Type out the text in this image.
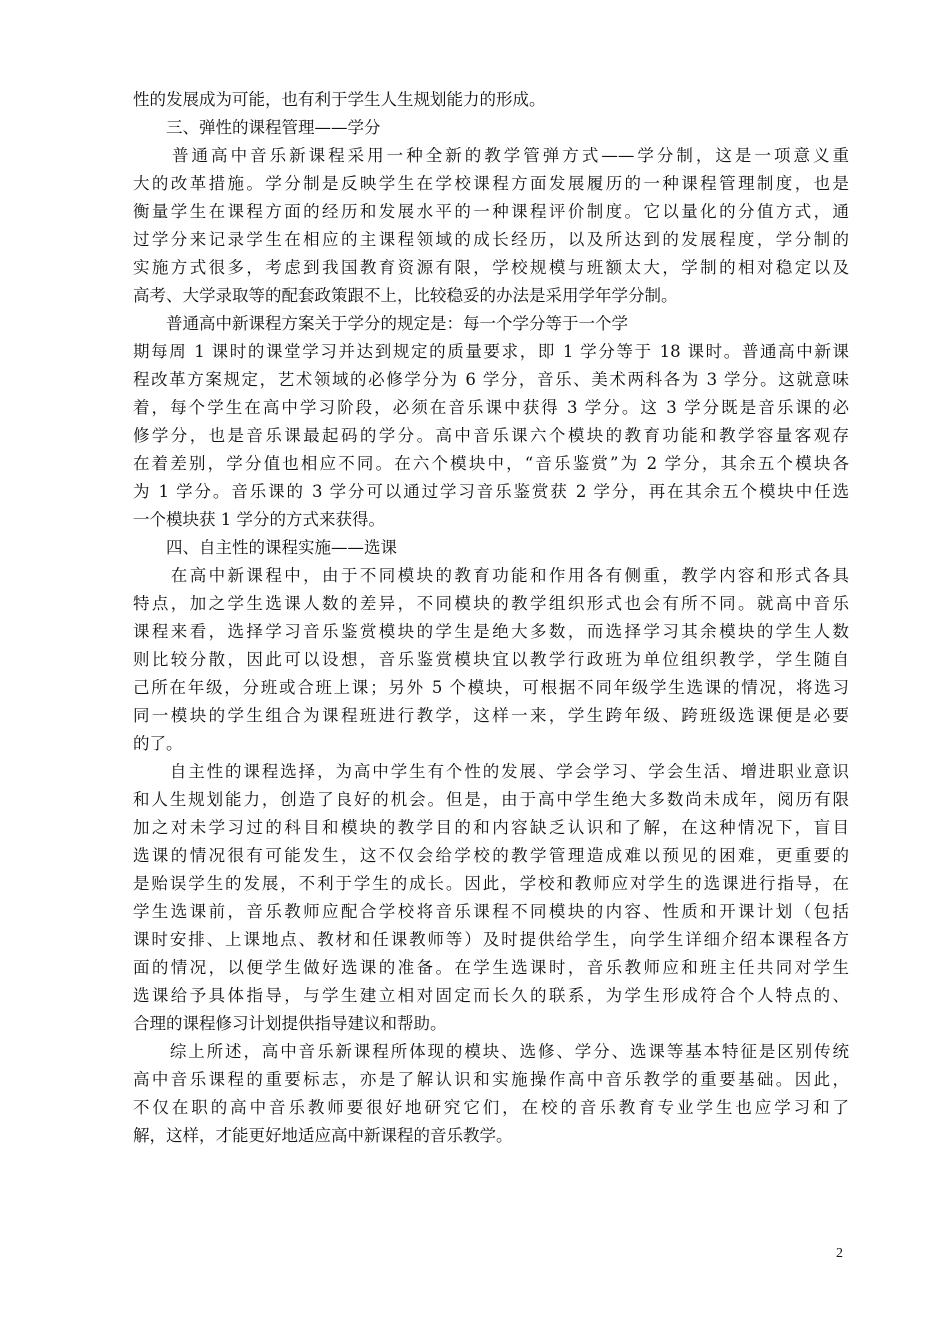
性的发展成为可能，也有利于学生人生规划能力的形成。
　　三、弹性的课程管理——学分
　　普通高中音乐新课程采用一种全新的教学管弹方式——学分制，这是一项意义重
大的改革措施。学分制是反映学生在学校课程方面发展履历的一种课程管理制度，也是
衡量学生在课程方面的经历和发展水平的一种课程评价制度。它以量化的分值方式，通
过学分来记录学生在相应的主课程领域的成长经历，以及所达到的发展程度，学分制的
实施方式很多，考虑到我国教育资源有限，学校规模与班额太大，学制的相对稳定以及
高考、大学录取等的配套政策跟不上，比较稳妥的办法是采用学年学分制。
　　普通高中新课程方案关于学分的规定是：每一个学分等于一个学
期每周 1 课时的课堂学习并达到规定的质量要求，即 1 学分等于 18 课时。普通高中新课
程改革方案规定，艺术领域的必修学分为 6 学分，音乐、美术两科各为 3 学分。这就意味
着，每个学生在高中学习阶段，必须在音乐课中获得 3 学分。这 3 学分既是音乐课的必
修学分，也是音乐课最起码的学分。高中音乐课六个模块的教育功能和教学容量客观存
在着差别，学分值也相应不同。在六个模块中，“音乐鉴赏”为 2 学分，其余五个模块各
为 1 学分。音乐课的 3 学分可以通过学习音乐鉴赏获 2 学分，再在其余五个模块中任选
一个模块获 1 学分的方式来获得。
　　四、自主性的课程实施——选课
　　在高中新课程中，由于不同模块的教育功能和作用各有侧重，教学内容和形式各具
特点，加之学生选课人数的差异，不同模块的教学组织形式也会有所不同。就高中音乐
课程来看，选择学习音乐鉴赏模块的学生是绝大多数，而选择学习其余模块的学生人数
则比较分散，因此可以设想，音乐鉴赏模块宜以教学行政班为单位组织教学，学生随自
己所在年级，分班或合班上课；另外 5 个模块，可根据不同年级学生选课的情况，将选习
同一模块的学生组合为课程班进行教学，这样一来，学生跨年级、跨班级选课便是必要
的了。
　　自主性的课程选择，为高中学生有个性的发展、学会学习、学会生活、增进职业意识
和人生规划能力，创造了良好的机会。但是，由于高中学生绝大多数尚未成年，阅历有限
加之对未学习过的科目和模块的教学目的和内容缺乏认识和了解，在这种情况下，盲目
选课的情况很有可能发生，这不仅会给学校的教学管理造成难以预见的困难，更重要的
是贻误学生的发展，不利于学生的成长。因此，学校和教师应对学生的选课进行指导，在
学生选课前，音乐教师应配合学校将音乐课程不同模块的内容、性质和开课计划（包括
课时安排、上课地点、教材和任课教师等）及时提供给学生，向学生详细介绍本课程各方
面的情况，以便学生做好选课的准备。在学生选课时，音乐教师应和班主任共同对学生
选课给予具体指导，与学生建立相对固定而长久的联系，为学生形成符合个人特点的、
合理的课程修习计划提供指导建议和帮助。
　　综上所述，高中音乐新课程所体现的模块、选修、学分、选课等基本特征是区别传统
高中音乐课程的重要标志，亦是了解认识和实施操作高中音乐教学的重要基础。因此，
不仅在职的高中音乐教师要很好地研究它们，在校的音乐教育专业学生也应学习和了
解，这样，才能更好地适应高中新课程的音乐教学。
2
